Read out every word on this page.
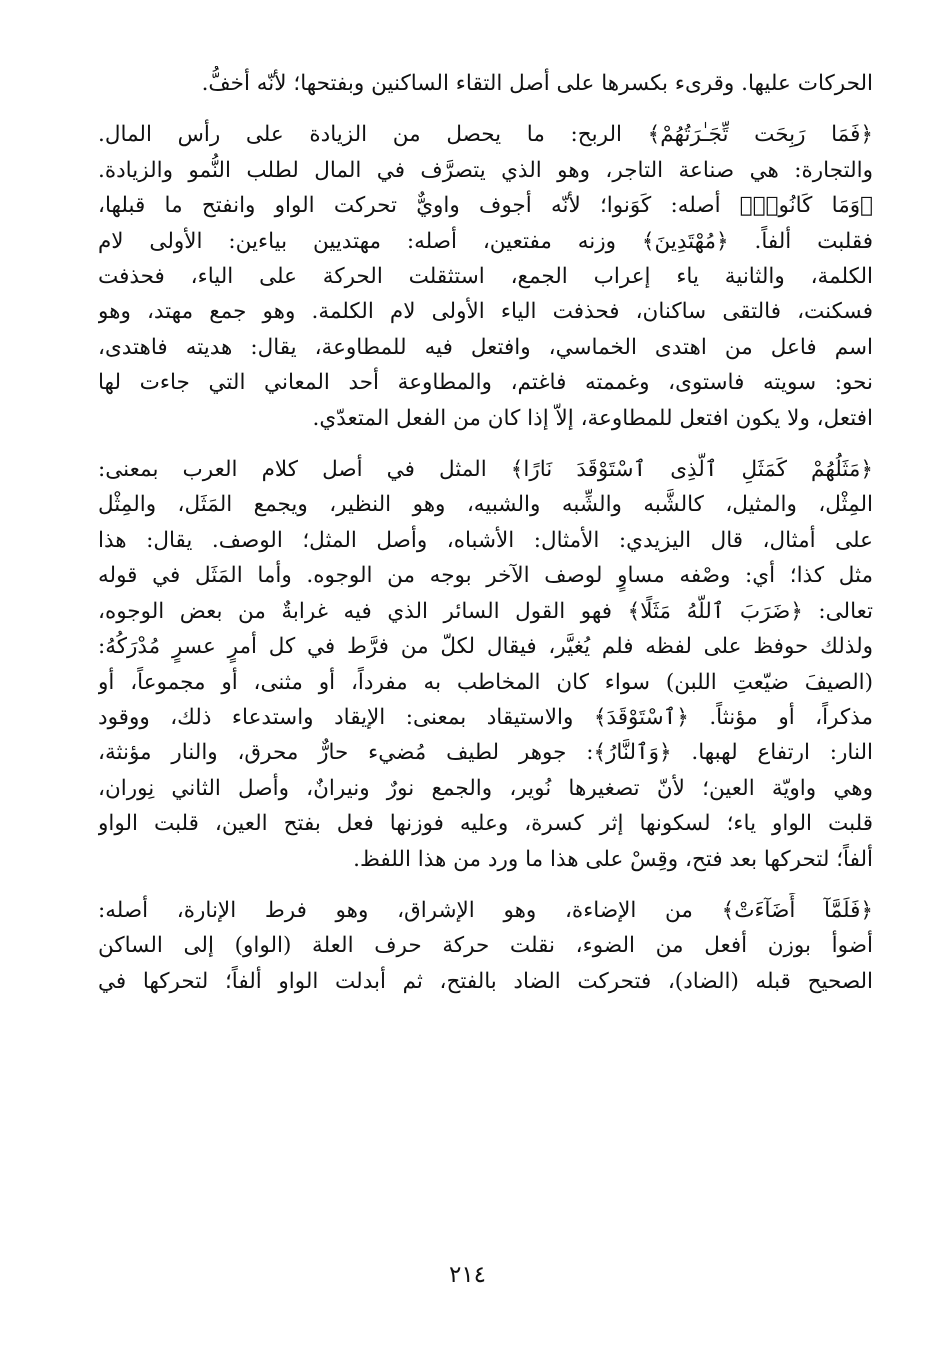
الحركات عليها. وقرىء بكسرها على أصل التقاء الساكنين وبفتحها؛ لأنّه أخفُّ.

﴿فَمَا رَبِحَت تِّجَـٰرَتُهُمْ﴾ الربح: ما يحصل من الزيادة على رأس المال.
والتجارة: هي صناعة التاجر، وهو الذي يتصرَّف في المال لطلب النُّمو والزيادة.
﴿وَمَا كَانُوا۟﴾ أصله: كَوَنوا؛ لأنّه أجوف واويٌّ تحركت الواو وانفتح ما قبلها،
فقلبت ألفاً. ﴿مُهْتَدِينَ﴾ وزنه مفتعين، أصله: مهتديين بياءين: الأولى لام
الكلمة، والثانية ياء إعراب الجمع، استثقلت الحركة على الياء، فحذفت
فسكنت، فالتقى ساكنان، فحذفت الياء الأولى لام الكلمة. وهو جمع مهتد، وهو
اسم فاعل من اهتدى الخماسي، وافتعل فيه للمطاوعة، يقال: هديته فاهتدى،
نحو: سويته فاستوى، وغممته فاغتم، والمطاوعة أحد المعاني التي جاءت لها
افتعل، ولا يكون افتعل للمطاوعة، إلاّ إذا كان من الفعل المتعدّي.

﴿مَثَلُهُمْ كَمَثَلِ ٱلَّذِى ٱسْتَوْقَدَ نَارًا﴾ المثل في أصل كلام العرب بمعنى:
المِثْل، والمثيل، كالشَّبه والشِّبه والشبيه، وهو النظير، ويجمع المَثَل، والمِثْل
على أمثال، قال اليزيدي: الأمثال: الأشباه، وأصل المثل؛ الوصف. يقال: هذا
مثل كذا؛ أي: وصْفه مساوٍ لوصف الآخر بوجه من الوجوه. وأما المَثَل في قوله
تعالى: ﴿ضَرَبَ ٱللَّهُ مَثَلًا﴾ فهو القول السائر الذي فيه غرابةٌ من بعض الوجوه،
ولذلك حوفظ على لفظه فلم يُغيَّر، فيقال لكلّ من فرَّط في كل أمرٍ عسرٍ مُدْرَكُهُ:
(الصيفَ ضيّعتِ اللبن) سواء كان المخاطب به مفرداً، أو مثنى، أو مجموعاً، أو
مذكراً، أو مؤنثاً. ﴿ٱسْتَوْقَدَ﴾ والاستيقاد بمعنى: الإيقاد واستدعاء ذلك، ووقود
النار: ارتفاع لهبها. ﴿وَٱلنَّارُ﴾: جوهر لطيف مُضيء حارٌّ محرق، والنار مؤنثة،
وهي واويّة العين؛ لأنّ تصغيرها نُوير، والجمع نورٌ ونيرانٌ، وأصل الثاني نِوران،
قلبت الواو ياء؛ لسكونها إثر كسرة، وعليه فوزنها فعل بفتح العين، قلبت الواو
ألفاً؛ لتحركها بعد فتح، وقِسْ على هذا ما ورد من هذا اللفظ.

﴿فَلَمَّآ أَضَآءَتْ﴾ من الإضاءة، وهو الإشراق، وهو فرط الإنارة، أصله:
أضوأ بوزن أفعل من الضوء، نقلت حركة حرف العلة (الواو) إلى الساكن
الصحيح قبله (الضاد)، فتحركت الضاد بالفتح، ثم أبدلت الواو ألفاً؛ لتحركها في

٢١٤
